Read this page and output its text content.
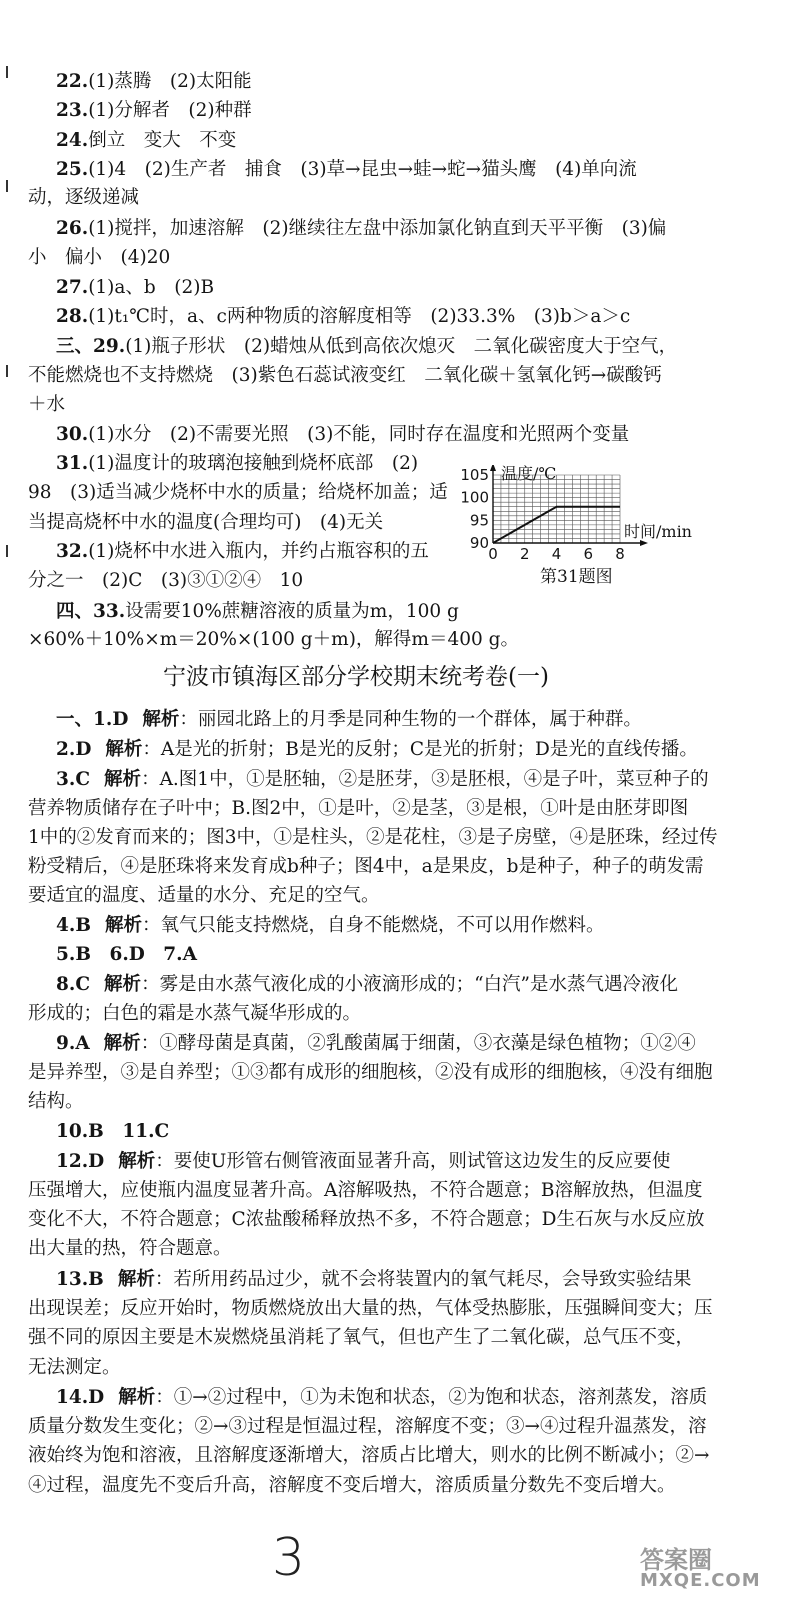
22.(1)蒸腾　(2)太阳能
23.(1)分解者　(2)种群
24.倒立　变大　不变
25.(1)4　(2)生产者　捕食　(3)草→昆虫→蛙→蛇→猫头鹰　(4)单向流
动，逐级递减
26.(1)搅拌，加速溶解　(2)继续往左盘中添加氯化钠直到天平平衡　(3)偏
小　偏小　(4)20
27.(1)a、b　(2)B
28.(1)t₁℃时，a、c两种物质的溶解度相等　(2)33.3%　(3)b＞a＞c
三、29.(1)瓶子形状　(2)蜡烛从低到高依次熄灭　二氧化碳密度大于空气，
不能燃烧也不支持燃烧　(3)紫色石蕊试液变红　二氧化碳＋氢氧化钙→碳酸钙
＋水
30.(1)水分　(2)不需要光照　(3)不能，同时存在温度和光照两个变量
31.(1)温度计的玻璃泡接触到烧杯底部　(2)
98　(3)适当减少烧杯中水的质量；给烧杯加盖；适
当提高烧杯中水的温度(合理均可)　(4)无关
32.(1)烧杯中水进入瓶内，并约占瓶容积的五
分之一　(2)C　(3)③①②④　10
四、33.设需要10%蔗糖溶液的质量为m，100 g
×60%＋10%×m＝20%×(100 g＋m)，解得m＝400 g。
0 2 4 6 8
90
95
100
105 温度/℃
时间/min
第31题图
宁波市镇海区部分学校期末统考卷(一)
一、1.D 解析：丽园北路上的月季是同种生物的一个群体，属于种群。
2.D 解析：A是光的折射；B是光的反射；C是光的折射；D是光的直线传播。
3.C 解析：A.图1中，①是胚轴，②是胚芽，③是胚根，④是子叶，菜豆种子的
营养物质储存在子叶中；B.图2中，①是叶，②是茎，③是根，①叶是由胚芽即图
1中的②发育而来的；图3中，①是柱头，②是花柱，③是子房壁，④是胚珠，经过传
粉受精后，④是胚珠将来发育成b种子；图4中，a是果皮，b是种子，种子的萌发需
要适宜的温度、适量的水分、充足的空气。
4.B 解析：氧气只能支持燃烧，自身不能燃烧，不可以用作燃料。
5.B　6.D　7.A
8.C 解析：雾是由水蒸气液化成的小液滴形成的；“白汽”是水蒸气遇冷液化
形成的；白色的霜是水蒸气凝华形成的。
9.A 解析：①酵母菌是真菌，②乳酸菌属于细菌，③衣藻是绿色植物；①②④
是异养型，③是自养型；①③都有成形的细胞核，②没有成形的细胞核，④没有细胞
结构。
10.B　11.C
12.D 解析：要使U形管右侧管液面显著升高，则试管这边发生的反应要使
压强增大，应使瓶内温度显著升高。A溶解吸热，不符合题意；B溶解放热，但温度
变化不大，不符合题意；C浓盐酸稀释放热不多，不符合题意；D生石灰与水反应放
出大量的热，符合题意。
13.B 解析：若所用药品过少，就不会将装置内的氧气耗尽，会导致实验结果
出现误差；反应开始时，物质燃烧放出大量的热，气体受热膨胀，压强瞬间变大；压
强不同的原因主要是木炭燃烧虽消耗了氧气，但也产生了二氧化碳，总气压不变，
无法测定。
14.D 解析：①→②过程中，①为未饱和状态，②为饱和状态，溶剂蒸发，溶质
质量分数发生变化；②→③过程是恒温过程，溶解度不变；③→④过程升温蒸发，溶
液始终为饱和溶液，且溶解度逐渐增大，溶质占比增大，则水的比例不断减小；②→
④过程，温度先不变后升高，溶解度不变后增大，溶质质量分数先不变后增大。
3	答案圈
MXQE.COM
